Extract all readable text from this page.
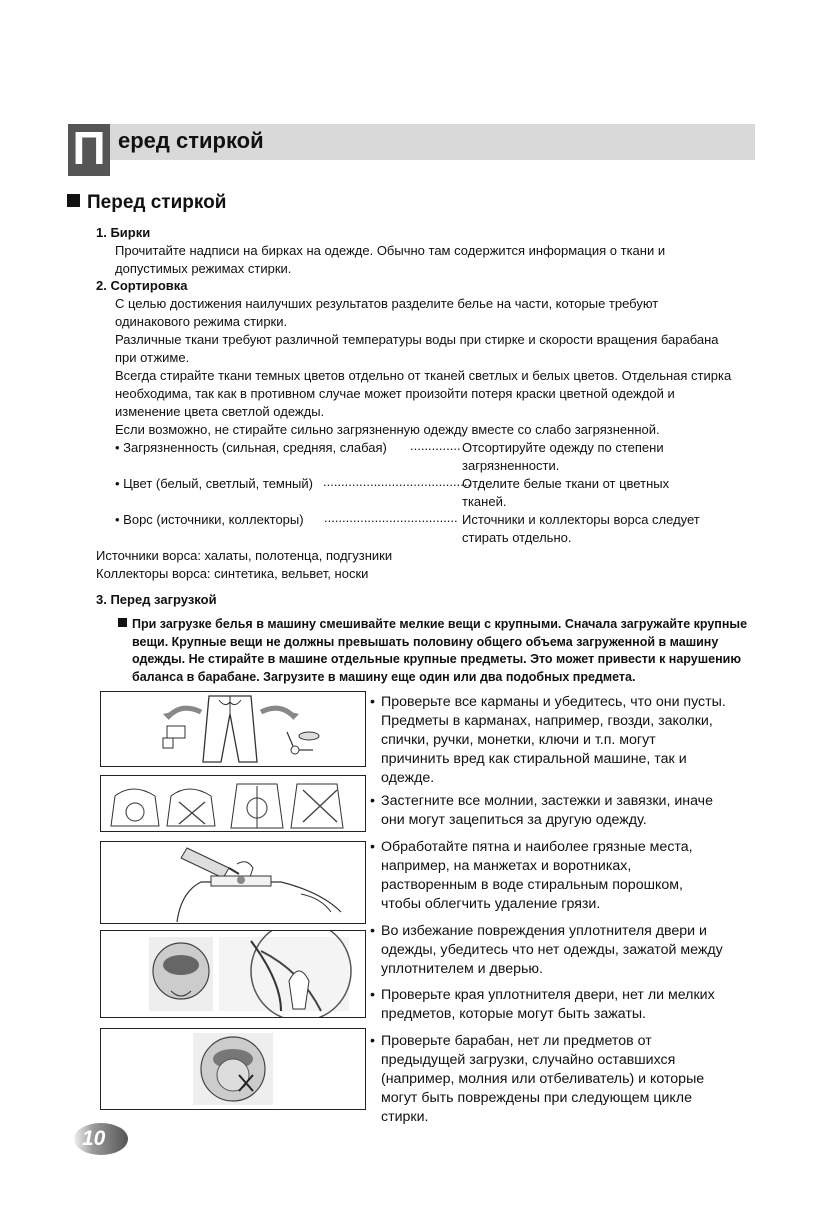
П еред стиркой
Перед стиркой
1. Бирки
Прочитайте надписи на бирках на одежде. Обычно там содержится информация о ткани и
допустимых режимах стирки.
2. Сортировка
С целью достижения наилучших результатов разделите белье на части, которые требуют
одинакового режима стирки.
Различные ткани требуют различной температуры воды при стирке и скорости вращения барабана
при отжиме.
Всегда стирайте ткани темных цветов отдельно от тканей светлых и белых цветов. Отдельная стирка
необходима, так как в противном случае может произойти потеря краски цветной одеждой и
изменение цвета светлой одежды.
Если возможно, не стирайте сильно загрязненную одежду вместе со слабо загрязненной.
• Загрязненность (сильная, средняя, слабая) .............. Отсортируйте одежду по степени
загрязненности.
• Цвет (белый, светлый, темный) .........................................
Отделите белые ткани от цветных
тканей.
• Ворс (источники, коллекторы) ..................................... Источники и коллекторы ворса следует
стирать отдельно.
Источники ворса: халаты, полотенца, подгузники
Коллекторы ворса: синтетика, вельвет, носки
3. Перед загрузкой
При загрузке белья в машину смешивайте мелкие вещи с крупными. Сначала загружайте крупные
вещи. Крупные вещи не должны превышать половину общего объема загруженной в машину
одежды. Не стирайте в машине отдельные крупные предметы. Это может привести к нарушению
баланса в барабане. Загрузите в машину еще один или два подобных предмета.
• Проверьте все карманы и убедитесь, что они пусты.
Предметы в карманах, например, гвозди, заколки,
спички, ручки, монетки, ключи и т.п. могут
причинить вред как стиральной машине, так и
одежде.
• Застегните все молнии, застежки и завязки, иначе
они могут зацепиться за другую одежду.
• Обработайте пятна и наиболее грязные места,
например, на манжетах и воротниках,
растворенным в воде стиральным порошком,
чтобы облегчить удаление грязи.
• Во избежание повреждения уплотнителя двери и
одежды, убедитесь что нет одежды, зажатой между
уплотнителем и дверью.
• Проверьте края уплотнителя двери, нет ли мелких
предметов, которые могут быть зажаты.
• Проверьте барабан, нет ли предметов от
предыдущей загрузки, случайно оставшихся
(например, молния или отбеливатель) и которые
могут быть повреждены при следующем цикле
стирки.
10
